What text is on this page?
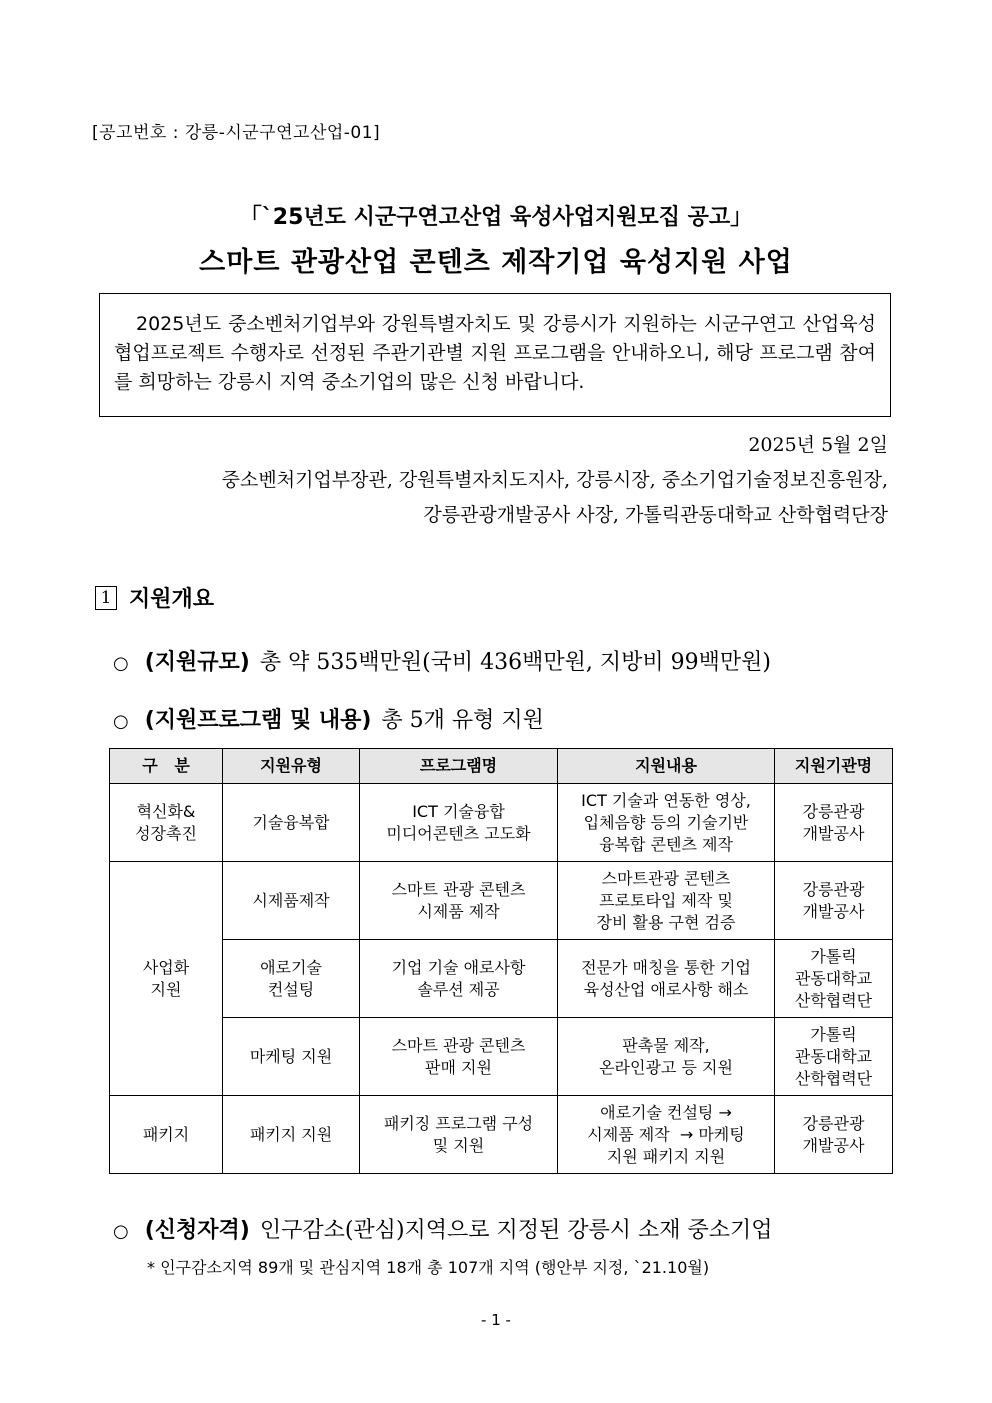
[공고번호 : 강릉-시군구연고산업-01]
「`25년도 시군구연고산업 육성사업지원모집 공고」
스마트 관광산업 콘텐츠 제작기업 육성지원 사업

2025년도 중소벤처기업부와 강원특별자치도 및 강릉시가 지원하는 시군구연고 산업육성 협업프로젝트 수행자로 선정된 주관기관별 지원 프로그램을 안내하오니, 해당 프로그램 참여를 희망하는 강릉시 지역 중소기업의 많은 신청 바랍니다.

2025년 5월 2일
중소벤처기업부장관, 강원특별자치도지사, 강릉시장, 중소기업기술정보진흥원장,
강릉관광개발공사 사장, 가톨릭관동대학교 산학협력단장
1 지원개요
○ (지원규모) 총 약 535백만원(국비 436백만원, 지방비 99백만원)
○ (지원프로그램 및 내용) 총 5개 유형 지원
구   분	지원유형	프로그램명	지원내용	지원기관명

혁신화&
성장촉진	기술융복합	ICT 기술융합
미디어콘텐츠 고도화	ICT 기술과 연동한 영상,
입체음향 등의 기술기반
융복합 콘텐츠 제작	강릉관광
개발공사

사업화
지원	시제품제작	스마트 관광 콘텐츠
시제품 제작	스마트관광 콘텐츠
프로토타입 제작 및
장비 활용 구현 검증	강릉관광
개발공사

	애로기술
컨설팅	기업 기술 애로사항
솔루션 제공	전문가 매칭을 통한 기업
육성산업 애로사항 해소	가톨릭
관동대학교
산학협력단

	마케팅 지원	스마트 관광 콘텐츠
판매 지원	판촉물 제작,
온라인광고 등 지원	가톨릭
관동대학교
산학협력단

패키지	패키지 지원	패키징 프로그램 구성
및 지원	애로기술 컨설팅 →
시제품 제작  → 마케팅
지원 패키지 지원	강릉관광
개발공사
○ (신청자격) 인구감소(관심)지역으로 지정된 강릉시 소재 중소기업
* 인구감소지역 89개 및 관심지역 18개 총 107개 지역 (행안부 지정, `21.10월)
- 1 -
